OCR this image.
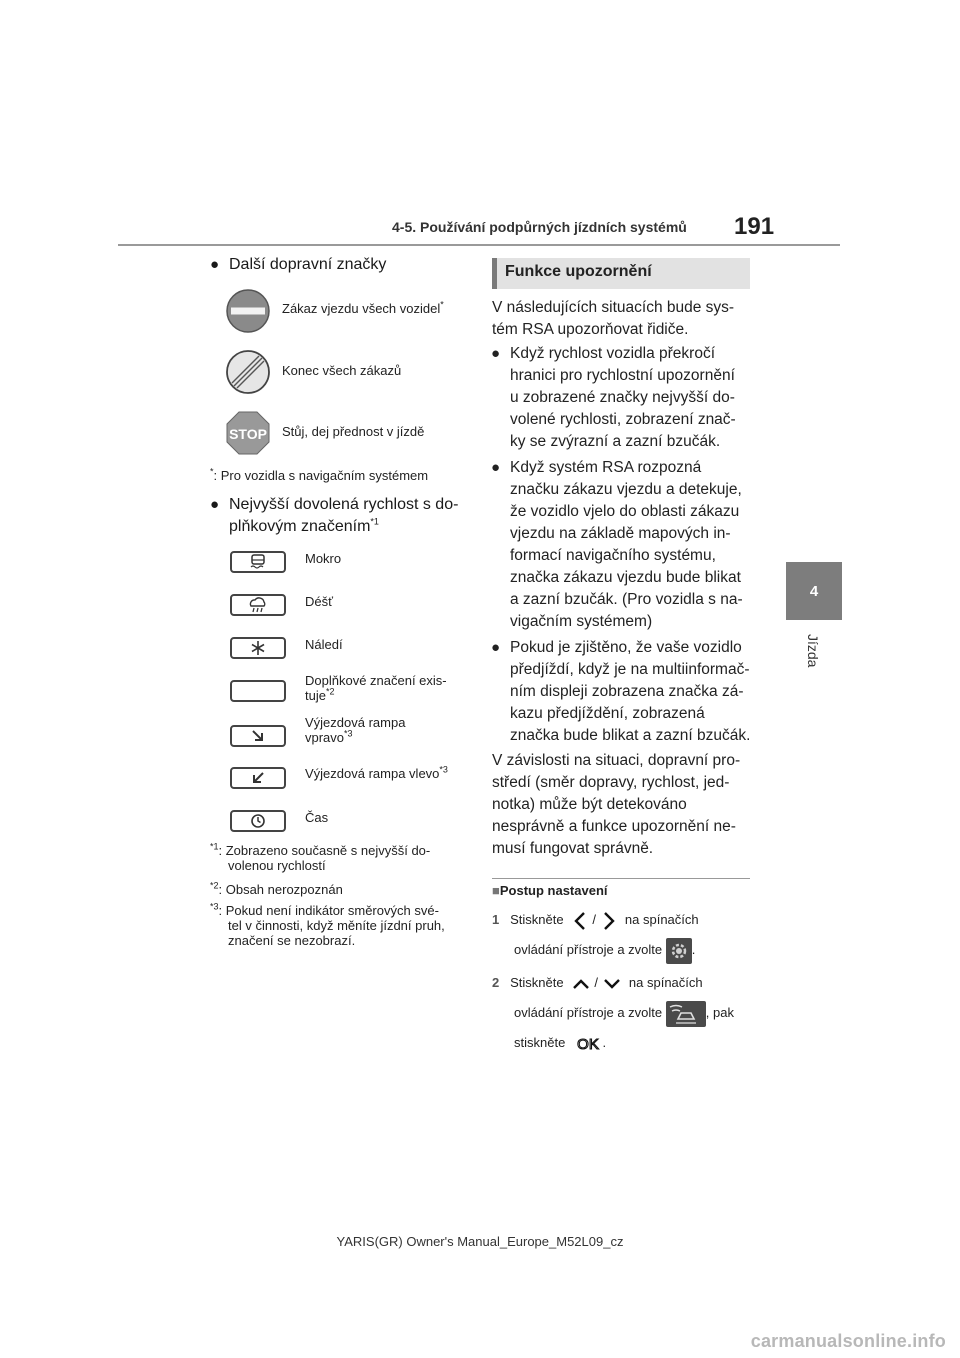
4-5. Používání podpůrných jízdních systémů 191
4
Jízda
● Další dopravní značky
Zákaz vjezdu všech vozidel*
Konec všech zákazů
STOP Stůj, dej přednost v jízdě
*: Pro vozidla s navigačním systémem
● Nejvyšší dovolená rychlost s do-
plňkovým značením$^{*1}$
Mokro
Déšť
Náledí
Doplňkové značení exis-
tuje$^{*2}$
Výjezdová rampa
vpravo$^{*3}$
Výjezdová rampa vlevo$^{*3}$
Čas
$^{*1}$: Zobrazeno současně s nejvyšší do-
volenou rychlostí
$^{*2}$: Obsah nerozpoznán
$^{*3}$: Pokud není indikátor směrových své-
tel v činnosti, když měníte jízdní pruh,
značení se nezobrazí.
Funkce upozornění
V následujících situacích bude sys-
tém RSA upozorňovat řidiče.
● Když rychlost vozidla překročí
hranici pro rychlostní upozornění
u zobrazené značky nejvyšší do-
volené rychlosti, zobrazení znač-
ky se zvýrazní a zazní bzučák.
● Když systém RSA rozpozná
značku zákazu vjezdu a detekuje,
že vozidlo vjelo do oblasti zákazu
vjezdu na základě mapových in-
formací navigačního systému,
značka zákazu vjezdu bude blikat
a zazní bzučák. (Pro vozidla s na-
vigačním systémem)
● Pokud je zjištěno, že vaše vozidlo
předjíždí, když je na multiinformač-
ním displeji zobrazena značka zá-
kazu předjíždění, zobrazená
značka bude blikat a zazní bzučák.
V závislosti na situaci, dopravní pro-
středí (směr dopravy, rychlost, jed-
notka) může být detekováno
nesprávně a funkce upozornění ne-
musí fungovat správně.
■Postup nastavení
1 Stiskněte / na spínačích
ovládání přístroje a zvolte .
2 Stiskněte / na spínačích
ovládání přístroje a zvolte	, pak
stiskněte OK .
YARIS(GR) Owner's Manual_Europe_M52L09_cz
carmanualsonline.info
